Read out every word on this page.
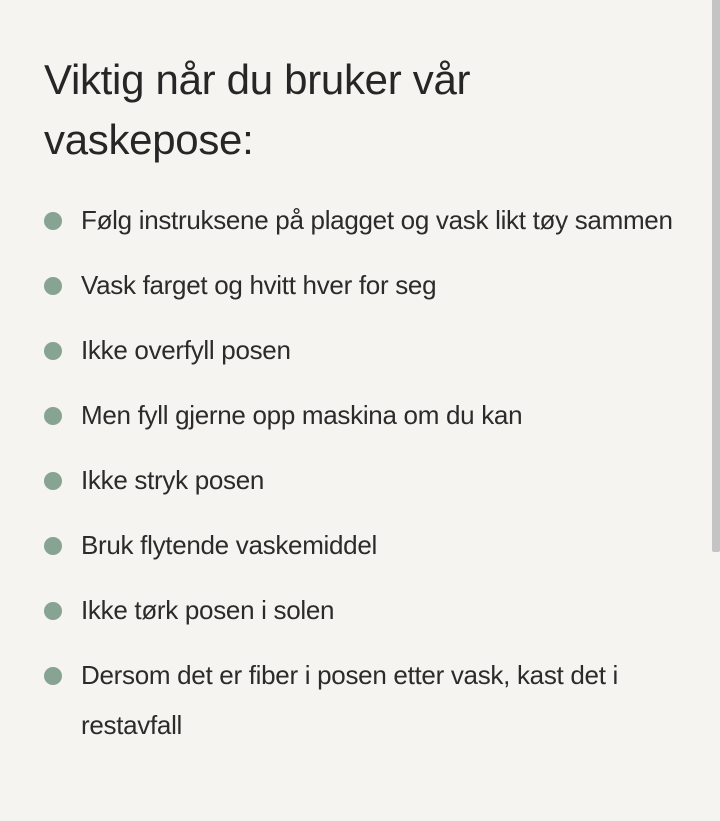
Viktig når du bruker vår vaskepose:
Følg instruksene på plagget og vask likt tøy sammen
Vask farget og hvitt hver for seg
Ikke overfyll posen
Men fyll gjerne opp maskina om du kan
Ikke stryk posen
Bruk flytende vaskemiddel
Ikke tørk posen i solen
Dersom det er fiber i posen etter vask, kast det i restavfall
